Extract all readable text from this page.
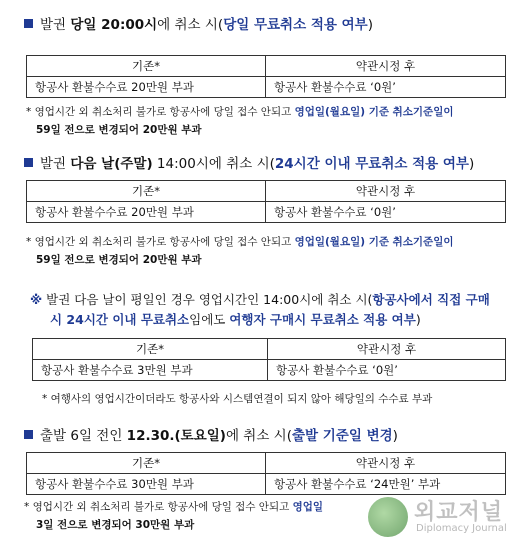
발권 당일 20:00시에 취소 시(당일 무료취소 적용 여부)
기존*	약관시정 후
항공사 환불수수료 20만원 부과	항공사 환불수수료 ‘0원’
* 영업시간 외 취소처리 불가로 항공사에 당일 접수 안되고 영업일(월요일) 기준 취소기준일이
59일 전으로 변경되어 20만원 부과
발권 다음 날(주말) 14:00시에 취소 시(24시간 이내 무료취소 적용 여부)
기존*	약관시정 후
항공사 환불수수료 20만원 부과	항공사 환불수수료 ‘0원’
* 영업시간 외 취소처리 불가로 항공사에 당일 접수 안되고 영업일(월요일) 기준 취소기준일이
59일 전으로 변경되어 20만원 부과
※ 발권 다음 날이 평일인 경우 영업시간인 14:00시에 취소 시(항공사에서 직접 구매
시 24시간 이내 무료취소임에도 여행자 구매시 무료취소 적용 여부)
기존*	약관시정 후
항공사 환불수수료 3만원 부과	항공사 환불수수료 ‘0원’
* 여행사의 영업시간이더라도 항공사와 시스템연결이 되지 않아 해당일의 수수료 부과
출발 6일 전인 12.30.(토요일)에 취소 시(출발 기준일 변경)
기존*	약관시정 후
항공사 환불수수료 30만원 부과	항공사 환불수수료 ‘24만원’ 부과
* 영업시간 외 취소처리 불가로 항공사에 당일 접수 안되고 영업일
3일 전으로 변경되어 30만원 부과	외교저널
Diplomacy Journal
